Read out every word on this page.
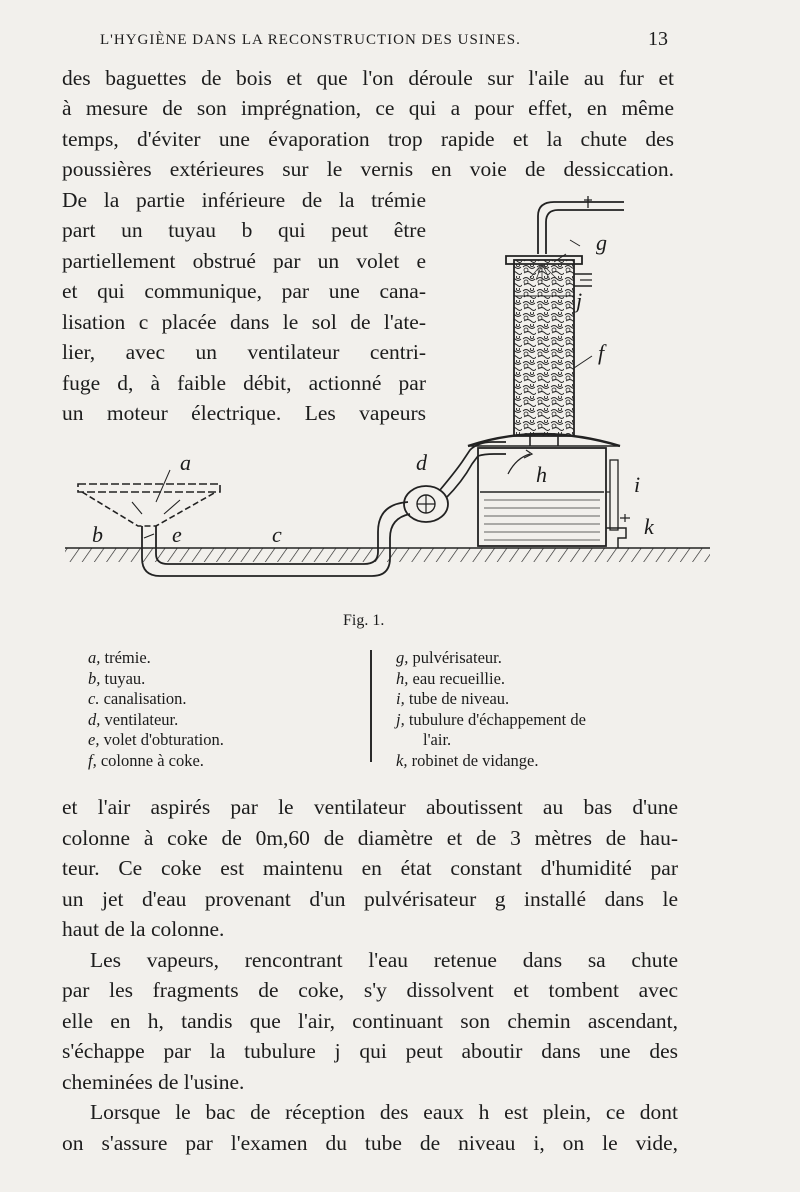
L'HYGIÈNE DANS LA RECONSTRUCTION DES USINES.	13
des baguettes de bois et que l'on déroule sur l'aile au fur et
à mesure de son imprégnation, ce qui a pour effet, en même
temps, d'éviter une évaporation trop rapide et la chute des
poussières extérieures sur le vernis en voie de dessiccation.
De la partie inférieure de la trémie
part un tuyau b qui peut être
partiellement obstrué par un volet e
et qui communique, par une cana-
lisation c placée dans le sol de l'ate-
lier, avec un ventilateur centri-
fuge d, à faible débit, actionné par
un moteur électrique. Les vapeurs
a
b	c
d
e
f
g
h	i
j
k
Fig. 1.
a, trémie.
b, tuyau.
c. canalisation.
d, ventilateur.
e, volet d'obturation.
f, colonne à coke.
g, pulvérisateur.
h, eau recueillie.
i, tube de niveau.
j, tubulure d'échappement de
l'air.
k, robinet de vidange.
et l'air aspirés par le ventilateur aboutissent au bas d'une
colonne à coke de 0m,60 de diamètre et de 3 mètres de hau-
teur. Ce coke est maintenu en état constant d'humidité par
un jet d'eau provenant d'un pulvérisateur g installé dans le
haut de la colonne.
Les vapeurs, rencontrant l'eau retenue dans sa chute
par les fragments de coke, s'y dissolvent et tombent avec
elle en h, tandis que l'air, continuant son chemin ascendant,
s'échappe par la tubulure j qui peut aboutir dans une des
cheminées de l'usine.
Lorsque le bac de réception des eaux h est plein, ce dont
on s'assure par l'examen du tube de niveau i, on le vide,
